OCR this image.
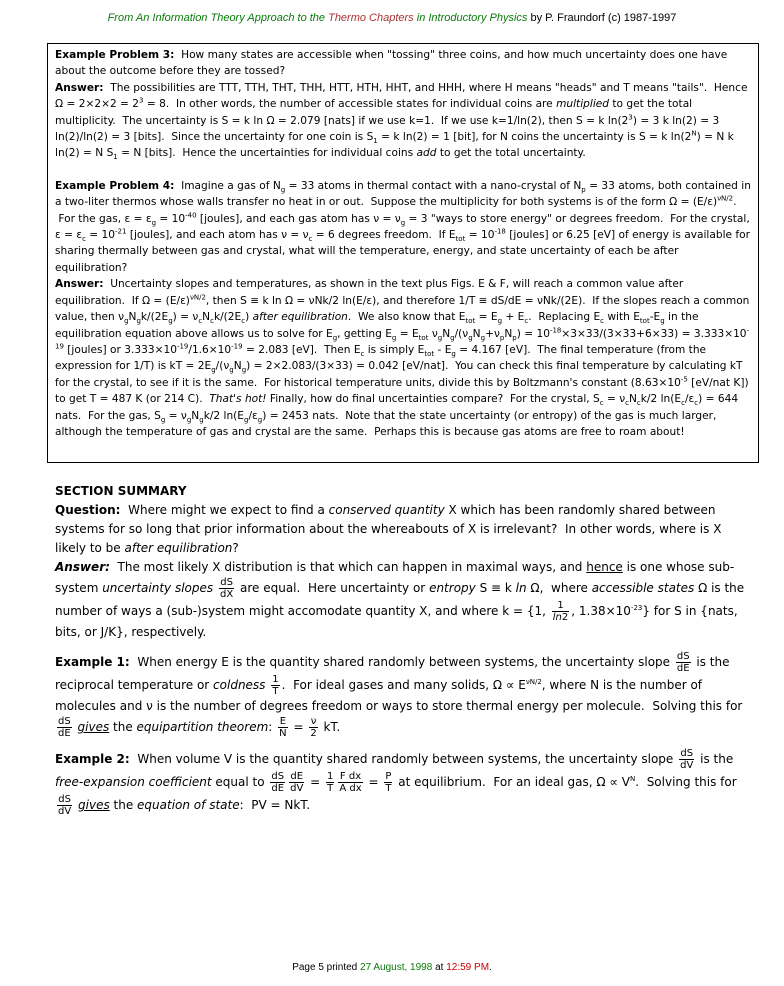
From An Information Theory Approach to the Thermo Chapters in Introductory Physics by P. Fraundorf (c) 1987-1997

Example Problem 3: How many states are accessible when "tossing" three coins, and how much uncertainty does one have about the outcome before they are tossed?

Answer:  The possibilities are TTT, TTH, THT, THH, HTT, HTH, HHT, and HHH, where H means "heads" and T means "tails".  Hence $\Omega = 2\times 2\times 2 = 2^3 = 8$.  In other words, the number of accessible states for individual coins are multiplied to get the total multiplicity.  The uncertainty is S = k ln Ω = 2.079 [nats] if we use k=1.  If we use k=1/ln(2), then S = k $\ln(2^3) = 3$ k ln(2) = 3 ln(2)/ln(2) = 3 [bits].  Since the uncertainty for one coin is $S_1 = k$ ln(2) = 1 [bit], for N coins the uncertainty is S = k $\ln(2^N) = N$ k ln(2) = N $S_1 = N$ [bits].  Hence the uncertainties for individual coins add to get the total uncertainty.

Example Problem 4:  Imagine a gas of $N_g = 33$ atoms in thermal contact with a nano-crystal of $N_p = 33$ atoms, both contained in a two-liter thermos whose walls transfer no heat in or out.  Suppose the multiplicity for both systems is of the form $\Omega = (E/\varepsilon)^{\nu N/2}$.  For the gas, $\varepsilon = \varepsilon_g = 10^{-40}$ [joules], and each gas atom has $\nu = \nu_g = 3$ "ways to store energy" or degrees freedom.  For the crystal, $\varepsilon = \varepsilon_c = 10^{-21}$ [joules], and each atom has $\nu = \nu_c = 6$ degrees freedom.  If $E_{tot} = 10^{-18}$ [joules] or 6.25 [eV] of energy is available for sharing thermally between gas and crystal, what will the temperature, energy, and state uncertainty of each be after equilibration?

Answer:  Uncertainty slopes and temperatures, as shown in the text plus Figs. E & F, will reach a common value after equilibration.  If $\Omega = (E/\varepsilon)^{\nu N/2}$, then S ≡ k ln Ω = νNk/2 ln(E/ε), and therefore 1/T ≡ dS/dE = νNk/(2E).  If the slopes reach a common value, then $\nu_gN_gk/(2E_g) = \nu_cN_ck/(2E_c)$ after equilibration.  We also know that $E_{tot} = E_g + E_c$.  Replacing $E_c$ with $E_{tot}-E_g$ in the equilibration equation above allows us to solve for $E_g$, getting $E_g = E_{tot}$ $\nu_gN_g/(\nu_gN_g+\nu_pN_p) = 10^{-18}\times 3\times 33/(3\times 33+6\times 33) = 3.333\times 10^{-19}$ [joules] or $3.333\times 10^{-19}/1.6\times 10^{-19} = 2.083$ [eV].  Then $E_c$ is simply $E_{tot} - E_g = 4.167$ [eV].  The final temperature (from the expression for 1/T) is kT = $2E_g/(\nu_gN_g) = 2\times 2.083/(3\times 33) = 0.042$ [eV/nat].  You can check this final temperature by calculating kT for the crystal, to see if it is the same.  For historical temperature units, divide this by Boltzmann's constant ($8.63\times 10^{-5}$ [eV/nat K]) to get T = 487 K (or 214 C).  That's hot! Finally, how do final uncertainties compare?  For the crystal, $S_c = \nu_cN_ck/2$ $\ln(E_c/\varepsilon_c) = 644$ nats.  For the gas, $S_g = \nu_gN_gk/2$ $\ln(E_g/\varepsilon_g) = 2453$ nats.  Note that the state uncertainty (or entropy) of the gas is much larger, although the temperature of gas and crystal are the same.  Perhaps this is because gas atoms are free to roam about!

SECTION SUMMARY

Question:  Where might we expect to find a conserved quantity X which has been randomly shared between systems for so long that prior information about the whereabouts of X is irrelevant?  In other words, where is X likely to be after equilibration?

Answer:  The most likely X distribution is that which can happen in maximal ways, and hence is one whose sub-system uncertainty slopes $\frac{dS}{dX}$ are equal.  Here uncertainty or entropy S ≡ k ln Ω,  where accessible states Ω is the number of ways a (sub-)system might accomodate quantity X, and where k = {1, $\frac{1}{\ln 2}$ , $1.38\times 10^{-23}$} for S in {nats, bits, or J/K}, respectively.

Example 1:  When energy E is the quantity shared randomly between systems, the uncertainty slope $\frac{dS}{dE}$ is the reciprocal temperature or coldness $\frac{1}{T}$ .  For ideal gases and many solids, $\Omega \propto E^{\nu N/2}$, where N is the number of molecules and ν is the number of degrees freedom or ways to store thermal energy per molecule.  Solving this for
$\frac{dS}{dE}$ gives the equipartition theorem: $\frac{E}{N} = \frac{\nu}{2}$ kT.

Example 2:  When volume V is the quantity shared randomly between systems, the uncertainty slope $\frac{dS}{dV}$ is the free-expansion coefficient equal to $\frac{dS}{dE} \frac{dE}{dV} = \frac{1}{T} \frac{\text{F dx}}{\text{A dx}} = \frac{P}{T}$ at equilibrium.  For an ideal gas, $\Omega \propto V^N$.  Solving this for
$\frac{dS}{dV}$ gives the equation of state:  PV = NkT.

Page 5 printed 27 August, 1998 at 12:59 PM.
